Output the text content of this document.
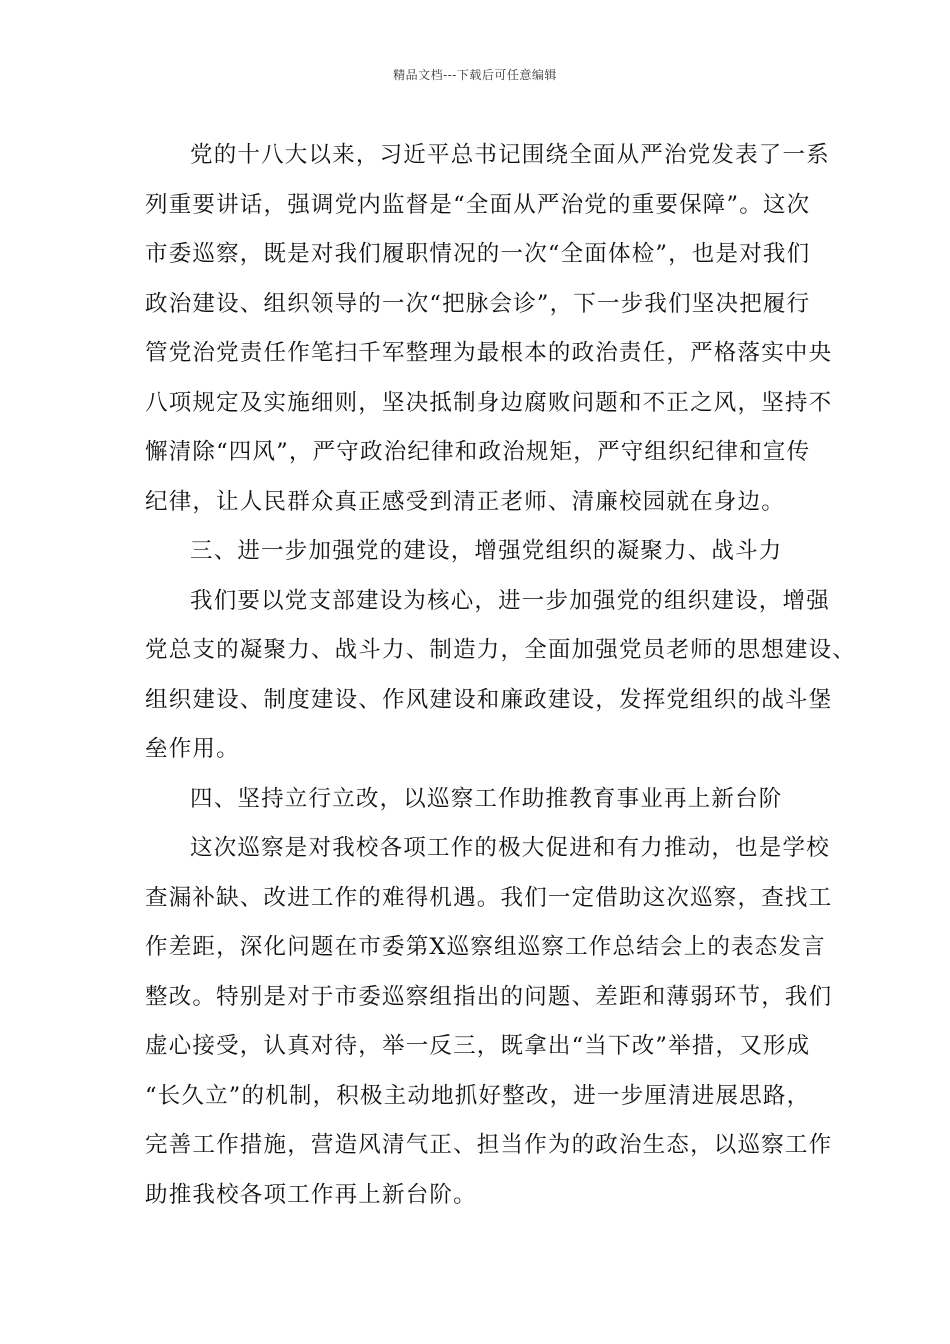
精品文档---下载后可任意编辑
党的十八大以来，习近平总书记围绕全面从严治党发表了一系
列重要讲话，强调党内监督是“全面从严治党的重要保障”。这次
市委巡察，既是对我们履职情况的一次“全面体检”，也是对我们
政治建设、组织领导的一次“把脉会诊”，下一步我们坚决把履行
管党治党责任作笔扫千军整理为最根本的政治责任，严格落实中央
八项规定及实施细则，坚决抵制身边腐败问题和不正之风，坚持不
懈清除“四风”，严守政治纪律和政治规矩，严守组织纪律和宣传
纪律，让人民群众真正感受到清正老师、清廉校园就在身边。
三、进一步加强党的建设，增强党组织的凝聚力、战斗力
我们要以党支部建设为核心，进一步加强党的组织建设，增强
党总支的凝聚力、战斗力、制造力，全面加强党员老师的思想建设、
组织建设、制度建设、作风建设和廉政建设，发挥党组织的战斗堡
垒作用。
四、坚持立行立改，以巡察工作助推教育事业再上新台阶
这次巡察是对我校各项工作的极大促进和有力推动，也是学校
查漏补缺、改进工作的难得机遇。我们一定借助这次巡察，查找工
作差距，深化问题在市委第X巡察组巡察工作总结会上的表态发言
整改。特别是对于市委巡察组指出的问题、差距和薄弱环节，我们
虚心接受，认真对待，举一反三，既拿出“当下改”举措，又形成
“长久立”的机制，积极主动地抓好整改，进一步厘清进展思路，
完善工作措施，营造风清气正、担当作为的政治生态，以巡察工作
助推我校各项工作再上新台阶。
